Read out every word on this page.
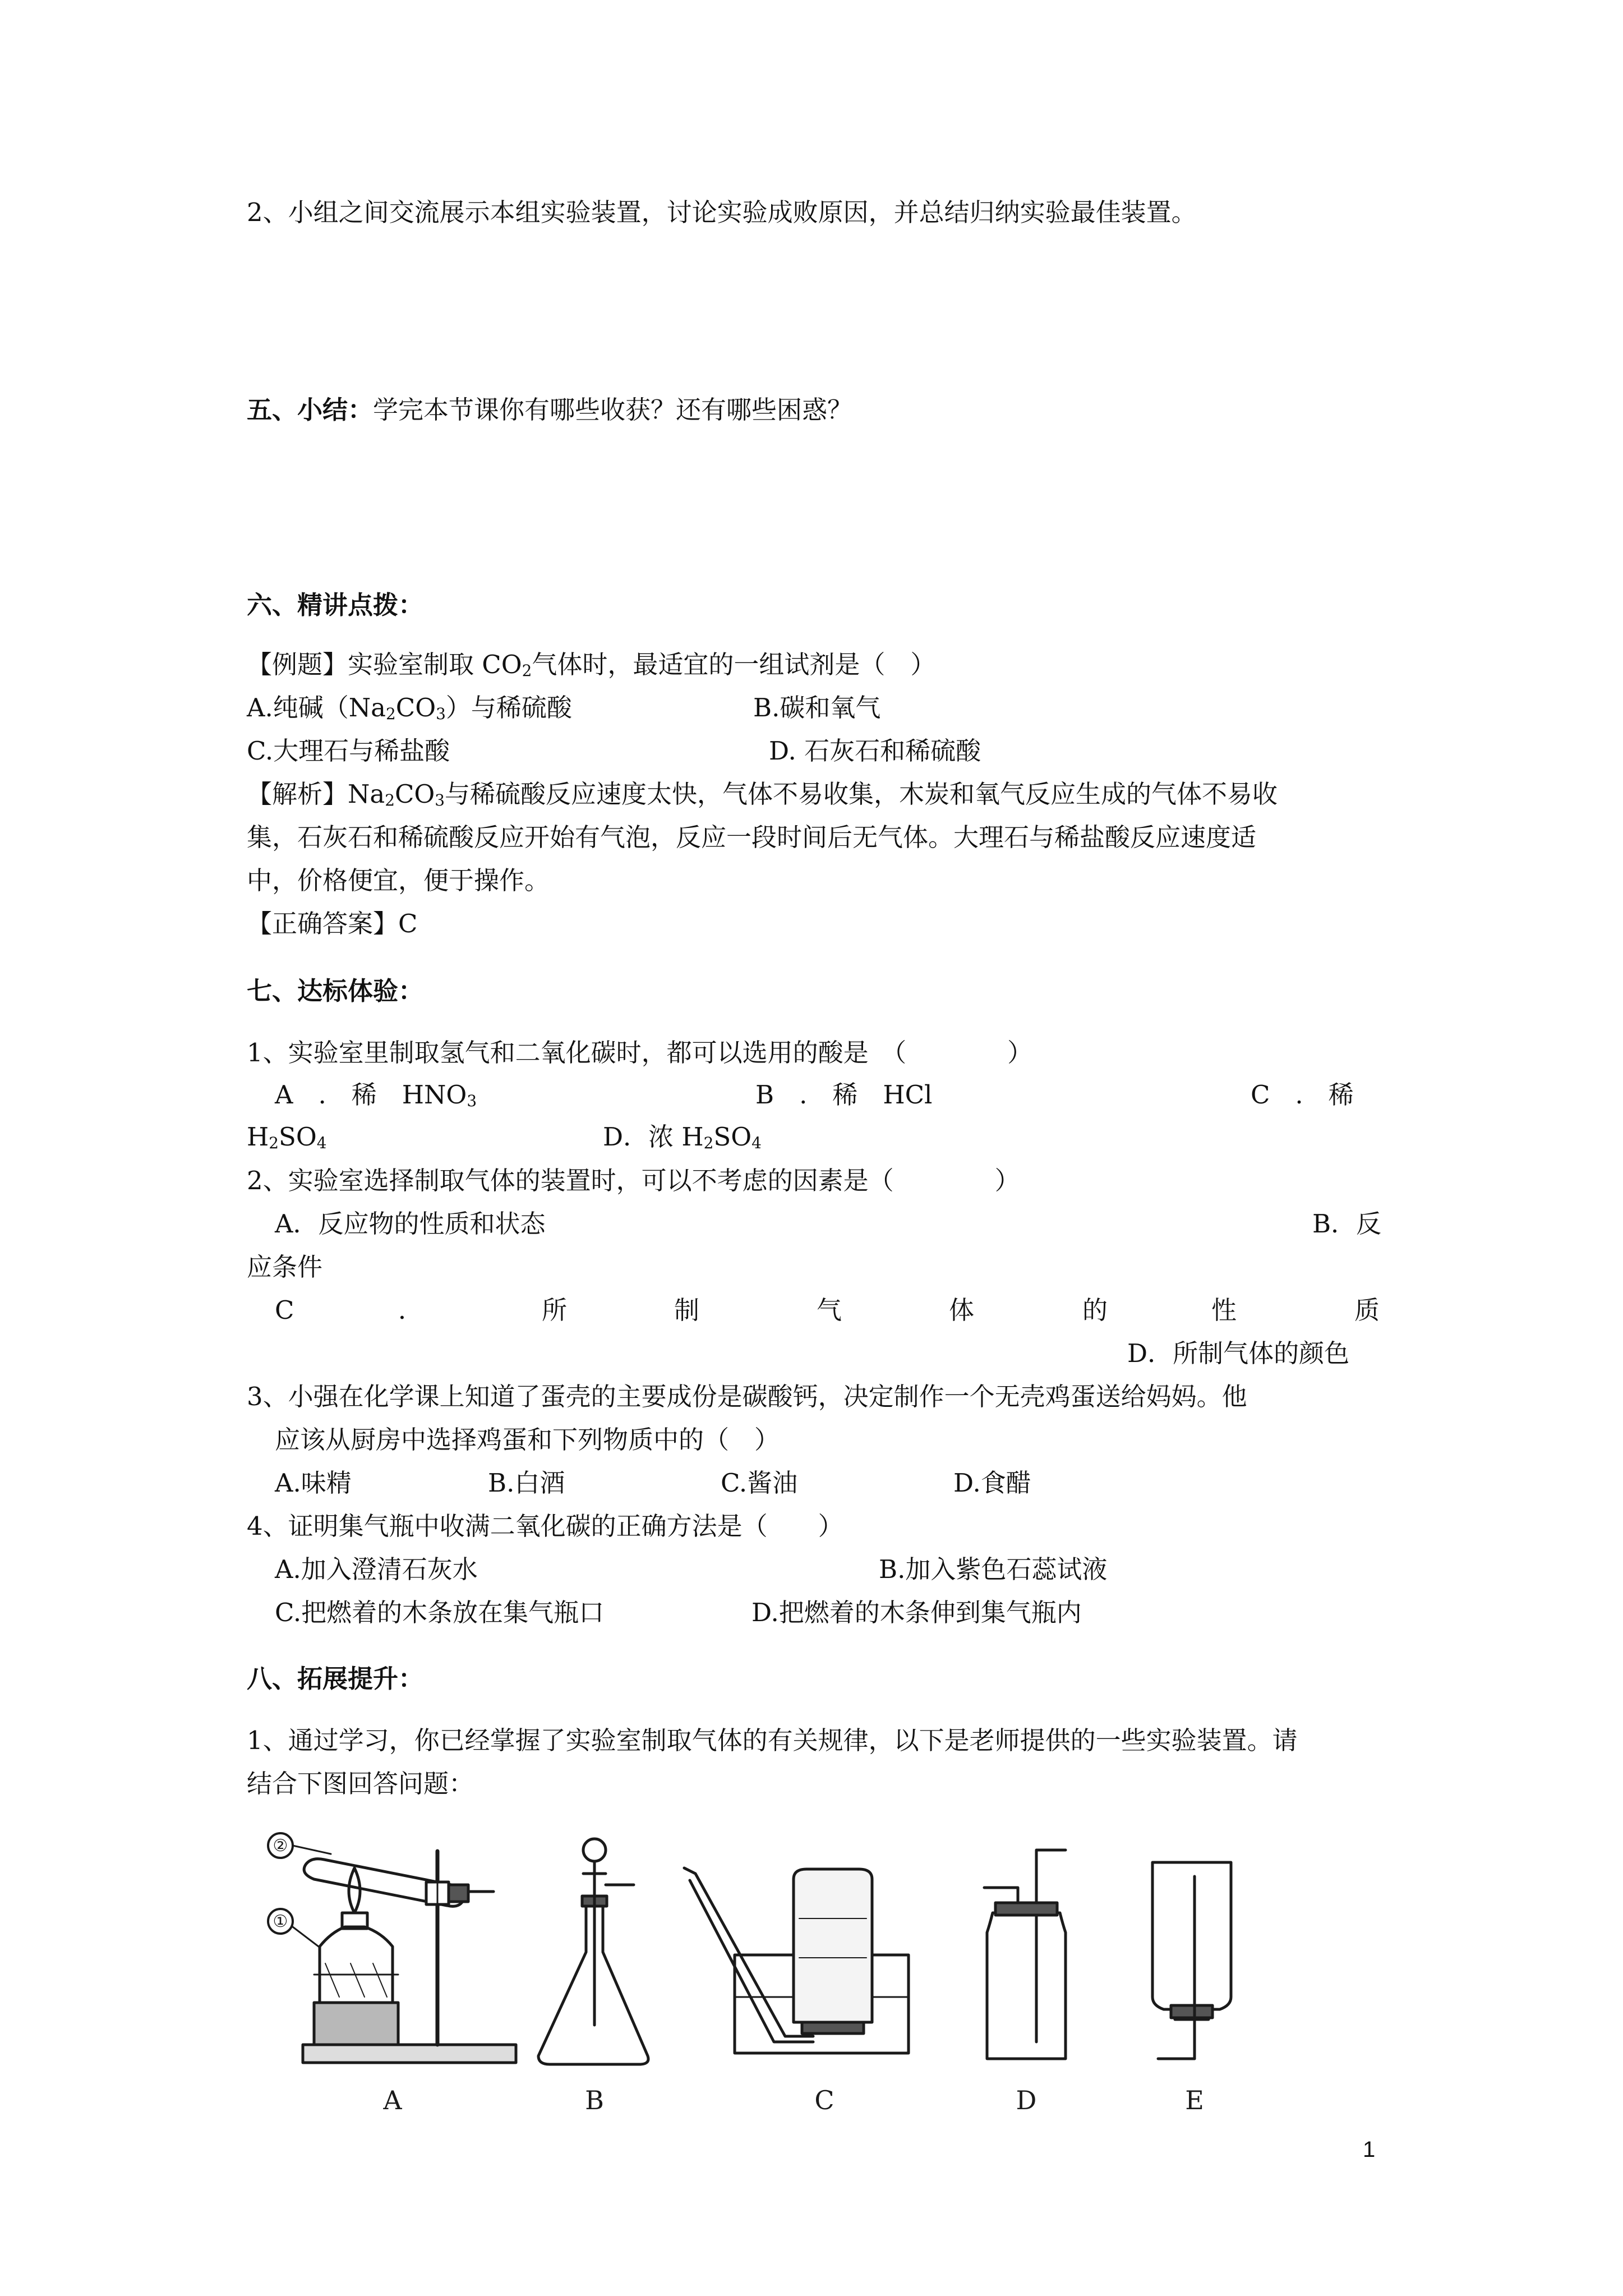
2、小组之间交流展示本组实验装置，讨论实验成败原因，并总结归纳实验最佳装置。
五、小结：学完本节课你有哪些收获？还有哪些困惑？
六、精讲点拨：
【例题】实验室制取 $CO_2$气体时，最适宜的一组试剂是（　）
A.纯碱$(Na_2CO_3)$与稀硫酸	B.碳和氧气
C.大理石与稀盐酸	D. 石灰石和稀硫酸
【解析】$Na_2CO_3$与稀硫酸反应速度太快，气体不易收集，木炭和氧气反应生成的气体不易收
集，石灰石和稀硫酸反应开始有气泡，反应一段时间后无气体。大理石与稀盐酸反应速度适
中，价格便宜，便于操作。
【正确答案】C
七、达标体验：
1、实验室里制取氢气和二氧化碳时，都可以选用的酸是　（　　　　）
A　.　稀　$HNO_3$	B　.　稀　HCl	C　.　稀
$H_2SO_4$	D．浓 $H_2SO_4$
2、实验室选择制取气体的装置时，可以不考虑的因素是（　　　　）
A．反应物的性质和状态	B．反
应条件
C	．	所	制	气	体	的	性	质
D．所制气体的颜色
3、小强在化学课上知道了蛋壳的主要成份是碳酸钙，决定制作一个无壳鸡蛋送给妈妈。他
应该从厨房中选择鸡蛋和下列物质中的（　）
A.味精	B.白酒	C.酱油	D.食醋
4、证明集气瓶中收满二氧化碳的正确方法是（　　）
A.加入澄清石灰水	B.加入紫色石蕊试液
C.把燃着的木条放在集气瓶口	D.把燃着的木条伸到集气瓶内
八、拓展提升：
1、通过学习，你已经掌握了实验室制取气体的有关规律，以下是老师提供的一些实验装置。请
结合下图回答问题：
②
①
A	B	C	D	E
1
